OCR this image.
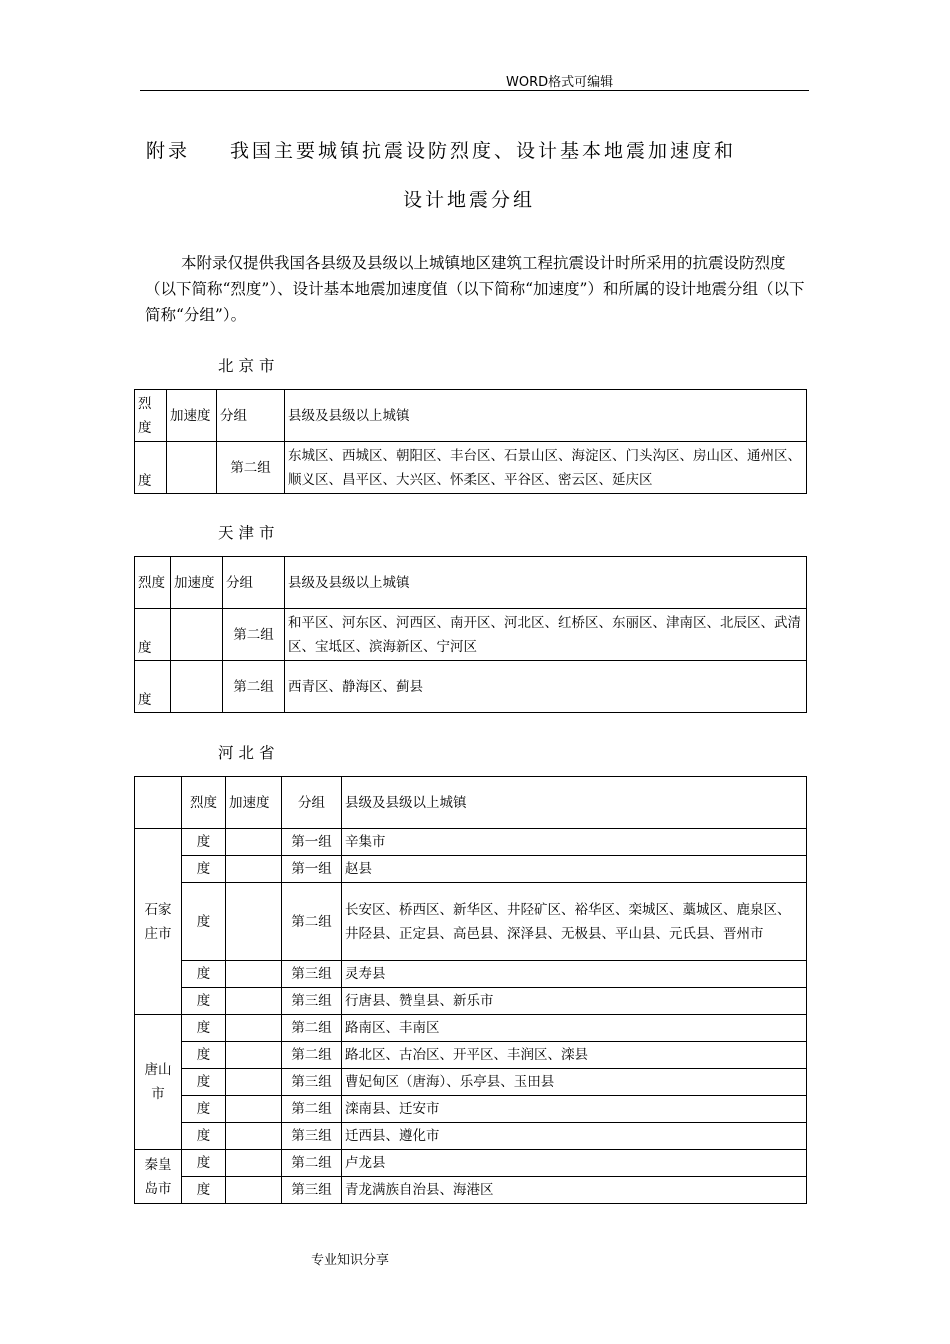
WORD格式可编辑
附录 我国主要城镇抗震设防烈度、设计基本地震加速度和
设计地震分组

本附录仅提供我国各县级及县级以上城镇地区建筑工程抗震设计时所采用的抗震设防烈度（以下简称“烈度”）、设计基本地震加速度值（以下简称“加速度”）和所属的设计地震分组（以下简称“分组”）。

北京市
烈度	加速度	分组	县级及县级以上城镇
度		第二组	东城区、西城区、朝阳区、丰台区、石景山区、海淀区、门头沟区、房山区、通州区、顺义区、昌平区、大兴区、怀柔区、平谷区、密云区、延庆区
天津市
烈度	加速度	分组	县级及县级以上城镇
度		第二组	和平区、河东区、河西区、南开区、河北区、红桥区、东丽区、津南区、北辰区、武清区、宝坻区、滨海新区、宁河区
度		第二组	西青区、静海区、蓟县
河北省
	烈度	加速度	分组	县级及县级以上城镇
石家庄市	度		第一组	辛集市
	度		第一组	赵县
	度		第二组	长安区、桥西区、新华区、井陉矿区、裕华区、栾城区、藁城区、鹿泉区、井陉县、正定县、高邑县、深泽县、无极县、平山县、元氏县、晋州市
	度		第三组	灵寿县
	度		第三组	行唐县、赞皇县、新乐市
唐山市	度		第二组	路南区、丰南区
	度		第二组	路北区、古冶区、开平区、丰润区、滦县
	度		第三组	曹妃甸区（唐海）、乐亭县、玉田县
	度		第二组	滦南县、迁安市
	度		第三组	迁西县、遵化市
秦皇岛市	度		第二组	卢龙县
	度		第三组	青龙满族自治县、海港区
专业知识分享
